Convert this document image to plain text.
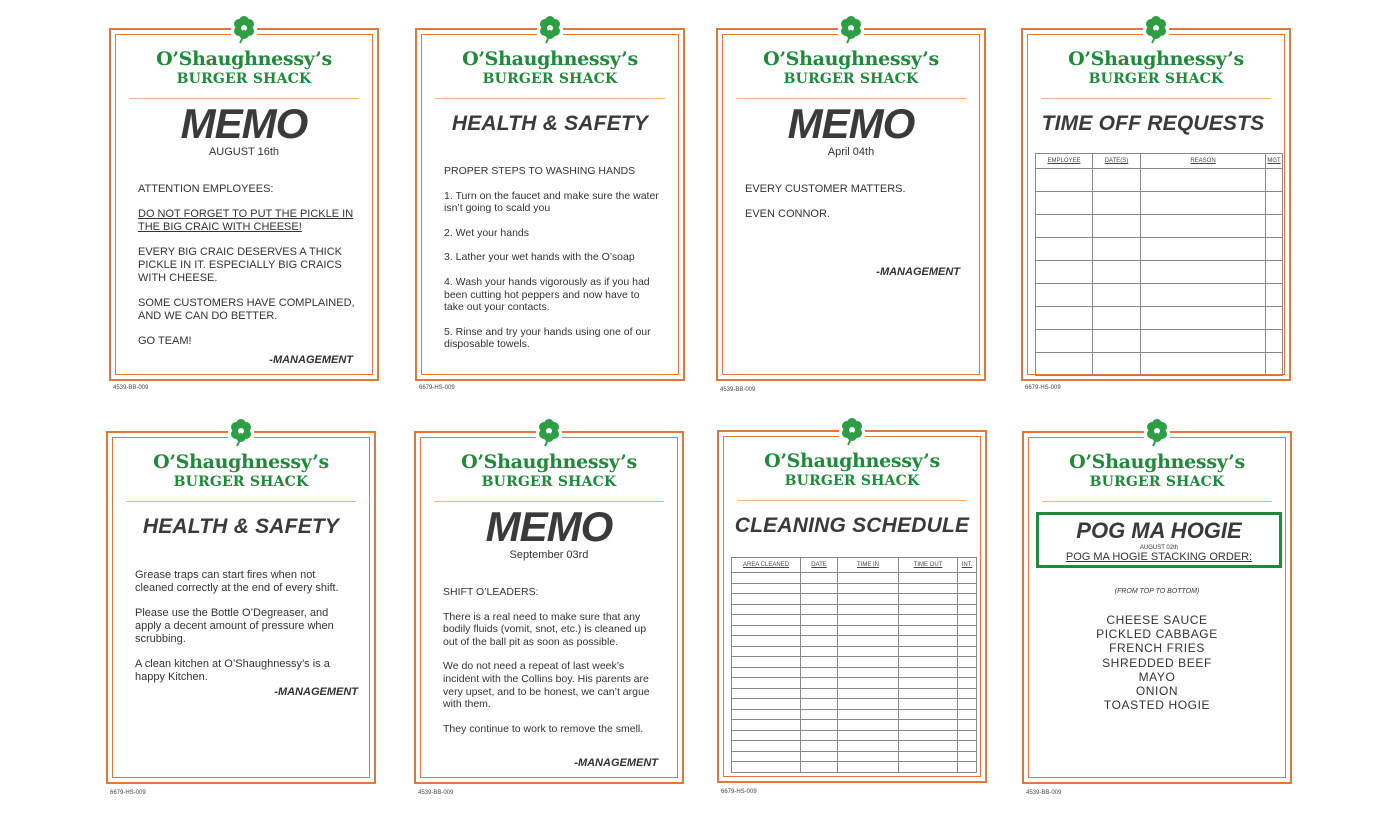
O’Shaughnessy’s
BURGER SHACK
MEMO
AUGUST 16th

ATTENTION EMPLOYEES:

DO NOT FORGET TO PUT THE PICKLE IN THE BIG CRAIC WITH CHEESE!

EVERY BIG CRAIC DESERVES A THICK PICKLE IN IT. ESPECIALLY BIG CRAICS WITH CHEESE.

SOME CUSTOMERS HAVE COMPLAINED, AND WE CAN DO BETTER.

GO TEAM!

-MANAGEMENT
4539-BB-009
O’Shaughnessy’s
BURGER SHACK
HEALTH & SAFETY

PROPER STEPS TO WASHING HANDS

1. Turn on the faucet and make sure the water isn’t going to scald you

2. Wet your hands

3. Lather your wet hands with the O’soap

4. Wash your hands vigorously as if you had been cutting hot peppers and now have to take out your contacts.

5. Rinse and try your hands using one of our disposable towels.

6679-HS-009
O’Shaughnessy’s
BURGER SHACK
MEMO
April 04th

EVERY CUSTOMER MATTERS.

EVEN CONNOR.

-MANAGEMENT
4539-BB-009
O’Shaughnessy’s
BURGER SHACK
TIME OFF REQUESTS
EMPLOYEE	DATE(S)	REASON	MGT

6679-HS-009
O’Shaughnessy’s
BURGER SHACK
HEALTH & SAFETY

Grease traps can start fires when not cleaned correctly at the end of every shift.

Please use the Bottle O’Degreaser, and apply a decent amount of pressure when scrubbing.

A clean kitchen at O’Shaughnessy’s is a happy Kitchen.

-MANAGEMENT
6679-HS-009
O’Shaughnessy’s
BURGER SHACK
MEMO
September 03rd

SHIFT O’LEADERS:

There is a real need to make sure that any bodily fluids (vomit, snot, etc.) is cleaned up out of the ball pit as soon as possible.

We do not need a repeat of last week’s incident with the Collins boy. His parents are very upset, and to be honest, we can’t argue with them.

They continue to work to remove the smell.

-MANAGEMENT
4539-BB-009
O’Shaughnessy’s
BURGER SHACK
CLEANING SCHEDULE
AREA CLEANED	DATE	TIME IN	TIME OUT	INT.

6679-HS-009
O’Shaughnessy’s
BURGER SHACK
POG MA HOGIE
AUGUST 02th
POG MA HOGIE STACKING ORDER:
(FROM TOP TO BOTTOM)
CHEESE SAUCE
PICKLED CABBAGE
FRENCH FRIES
SHREDDED BEEF
MAYO
ONION
TOASTED HOGIE
4539-BB-009
